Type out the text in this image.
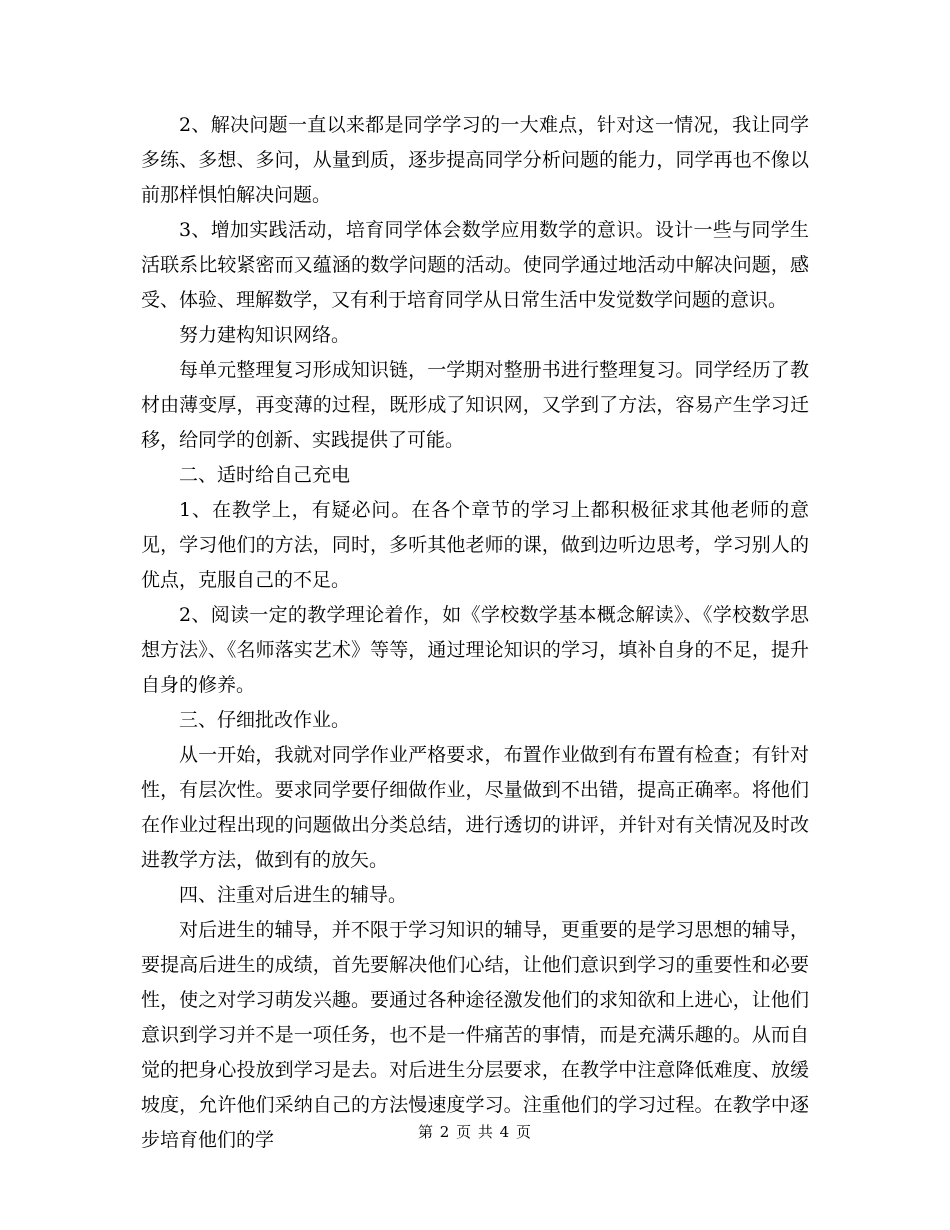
2、解决问题一直以来都是同学学习的一大难点，针对这一情况，我让同学多练、多想、多问，从量到质，逐步提高同学分析问题的能力，同学再也不像以前那样惧怕解决问题。

3、增加实践活动，培育同学体会数学应用数学的意识。设计一些与同学生活联系比较紧密而又蕴涵的数学问题的活动。使同学通过地活动中解决问题，感受、体验、理解数学，又有利于培育同学从日常生活中发觉数学问题的意识。

努力建构知识网络。

每单元整理复习形成知识链，一学期对整册书进行整理复习。同学经历了教材由薄变厚，再变薄的过程，既形成了知识网，又学到了方法，容易产生学习迁移，给同学的创新、实践提供了可能。

二、适时给自己充电

1、在教学上，有疑必问。在各个章节的学习上都积极征求其他老师的意见，学习他们的方法，同时，多听其他老师的课，做到边听边思考，学习别人的优点，克服自己的不足。

2、阅读一定的教学理论着作，如《学校数学基本概念解读》、《学校数学思想方法》、《名师落实艺术》等等，通过理论知识的学习，填补自身的不足，提升自身的修养。

三、仔细批改作业。

从一开始，我就对同学作业严格要求，布置作业做到有布置有检查；有针对性，有层次性。要求同学要仔细做作业，尽量做到不出错，提高正确率。将他们在作业过程出现的问题做出分类总结，进行透切的讲评，并针对有关情况及时改进教学方法，做到有的放矢。

四、注重对后进生的辅导。

对后进生的辅导，并不限于学习知识的辅导，更重要的是学习思想的辅导，要提高后进生的成绩，首先要解决他们心结，让他们意识到学习的重要性和必要性，使之对学习萌发兴趣。要通过各种途径激发他们的求知欲和上进心，让他们意识到学习并不是一项任务，也不是一件痛苦的事情，而是充满乐趣的。从而自觉的把身心投放到学习是去。对后进生分层要求，在教学中注意降低难度、放缓坡度，允许他们采纳自己的方法慢速度学习。注重他们的学习过程。在教学中逐步培育他们的学	第 2 页 共 4 页
